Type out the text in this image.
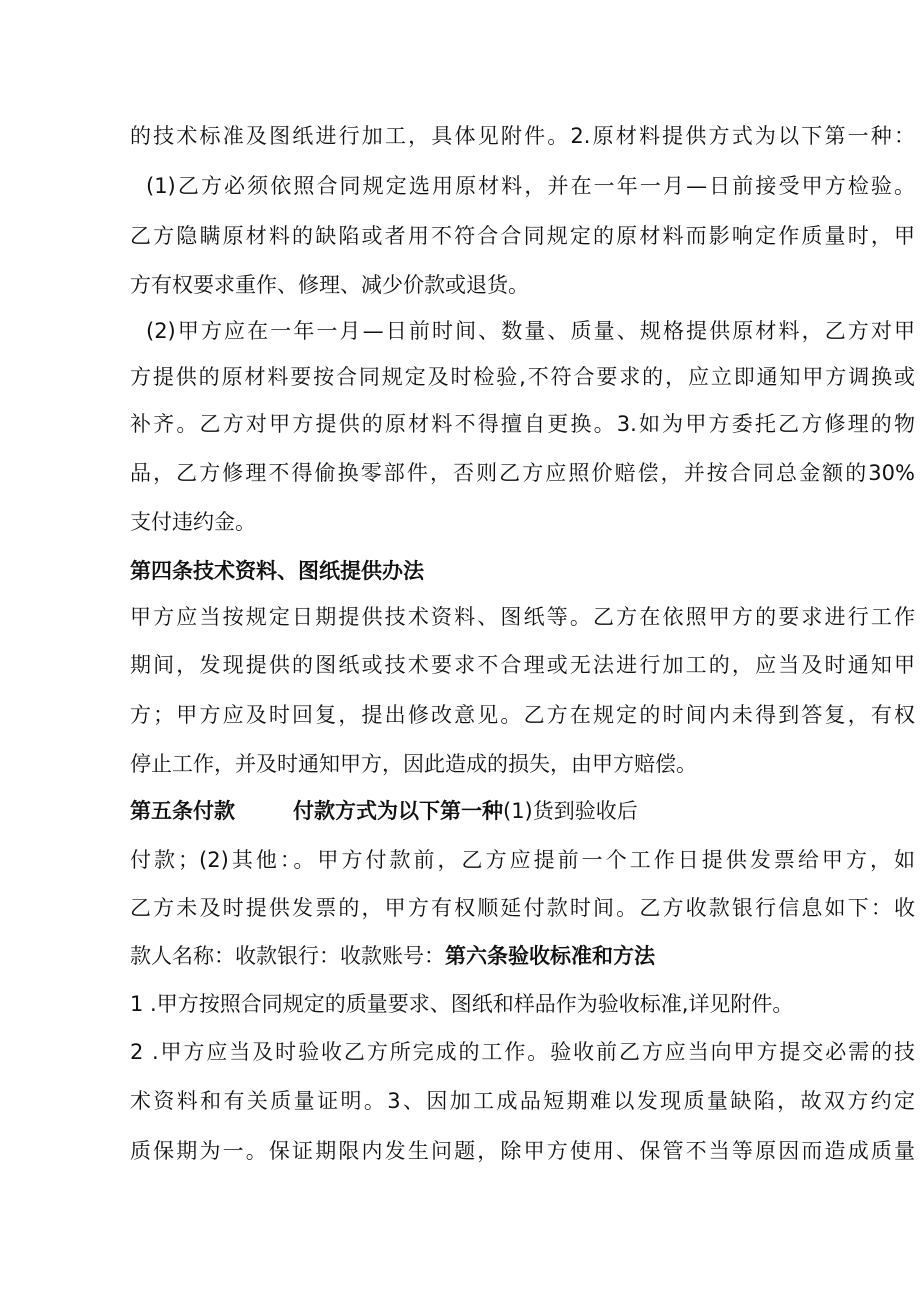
的技术标准及图纸进行加工，具体见附件。2.原材料提供方式为以下第一种：
(1)乙方必须依照合同规定选用原材料，并在一年一月—日前接受甲方检验。
乙方隐瞒原材料的缺陷或者用不符合合同规定的原材料而影响定作质量时，甲
方有权要求重作、修理、减少价款或退货。
(2)甲方应在一年一月—日前时间、数量、质量、规格提供原材料，乙方对甲
方提供的原材料要按合同规定及时检验,不符合要求的，应立即通知甲方调换或
补齐。乙方对甲方提供的原材料不得擅自更换。3.如为甲方委托乙方修理的物
品，乙方修理不得偷换零部件，否则乙方应照价赔偿，并按合同总金额的30%
支付违约金。
第四条技术资料、图纸提供办法
甲方应当按规定日期提供技术资料、图纸等。乙方在依照甲方的要求进行工作
期间，发现提供的图纸或技术要求不合理或无法进行加工的，应当及时通知甲
方；甲方应及时回复，提出修改意见。乙方在规定的时间内未得到答复，有权
停止工作，并及时通知甲方，因此造成的损失，由甲方赔偿。
第五条付款	付款方式为以下第一种(1)货到验收后
付款；(2)其他：。甲方付款前，乙方应提前一个工作日提供发票给甲方，如
乙方未及时提供发票的，甲方有权顺延付款时间。乙方收款银行信息如下：收
款人名称：收款银行：收款账号：第六条验收标准和方法
1 .甲方按照合同规定的质量要求、图纸和样品作为验收标准,详见附件。
2 .甲方应当及时验收乙方所完成的工作。验收前乙方应当向甲方提交必需的技
术资料和有关质量证明。3、因加工成品短期难以发现质量缺陷，故双方约定
质保期为一。保证期限内发生问题，除甲方使用、保管不当等原因而造成质量
